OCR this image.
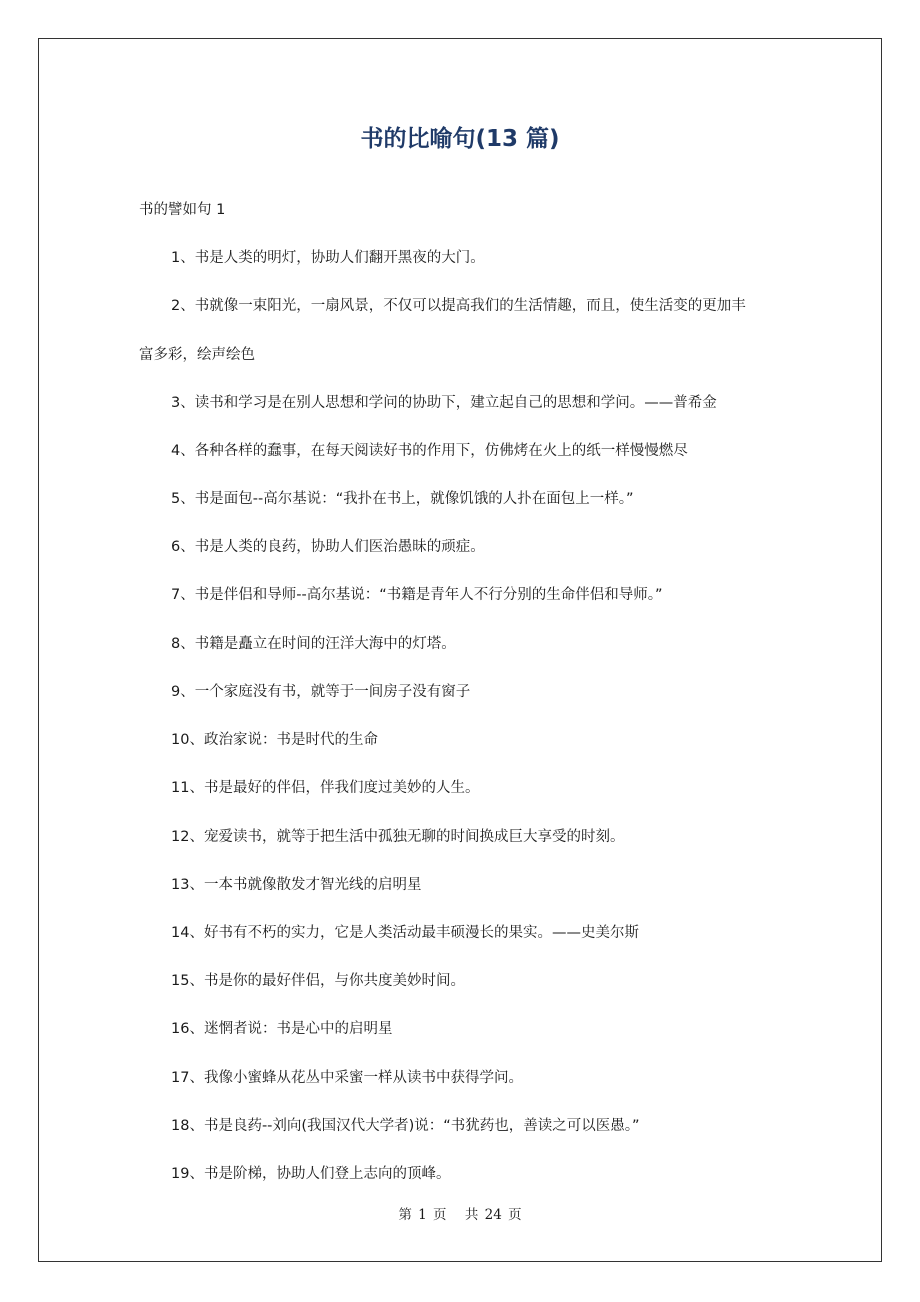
书的比喻句(13 篇)

书的譬如句 1

1、书是人类的明灯，协助人们翻开黑夜的大门。

2、书就像一束阳光，一扇风景，不仅可以提高我们的生活情趣，而且，使生活变的更加丰

富多彩，绘声绘色

3、读书和学习是在别人思想和学问的协助下，建立起自己的思想和学问。——普希金

4、各种各样的蠢事，在每天阅读好书的作用下，仿佛烤在火上的纸一样慢慢燃尽

5、书是面包--高尔基说：“我扑在书上，就像饥饿的人扑在面包上一样。”

6、书是人类的良药，协助人们医治愚昧的顽症。

7、书是伴侣和导师--高尔基说：“书籍是青年人不行分别的生命伴侣和导师。”

8、书籍是矗立在时间的汪洋大海中的灯塔。

9、一个家庭没有书，就等于一间房子没有窗子

10、政治家说：书是时代的生命

11、书是最好的伴侣，伴我们度过美妙的人生。

12、宠爱读书，就等于把生活中孤独无聊的时间换成巨大享受的时刻。

13、一本书就像散发才智光线的启明星

14、好书有不朽的实力，它是人类活动最丰硕漫长的果实。——史美尔斯

15、书是你的最好伴侣，与你共度美妙时间。

16、迷惘者说：书是心中的启明星

17、我像小蜜蜂从花丛中采蜜一样从读书中获得学问。

18、书是良药--刘向(我国汉代大学者)说：“书犹药也，善读之可以医愚。”

19、书是阶梯，协助人们登上志向的顶峰。

第 1 页 共 24 页
